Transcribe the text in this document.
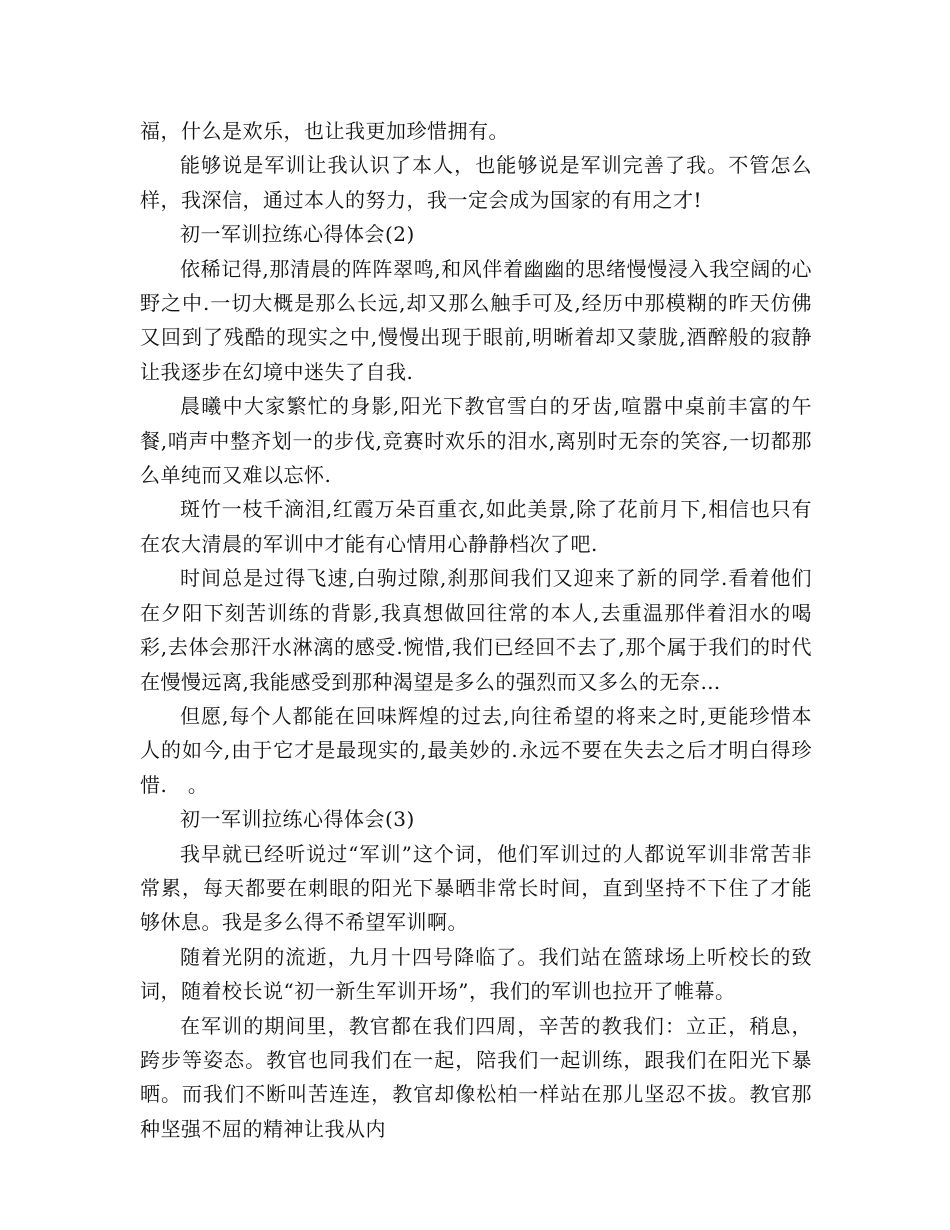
福，什么是欢乐，也让我更加珍惜拥有。

能够说是军训让我认识了本人，也能够说是军训完善了我。不管怎么样，我深信，通过本人的努力，我一定会成为国家的有用之才!

初一军训拉练心得体会(2)

依稀记得,那清晨的阵阵翠鸣,和风伴着幽幽的思绪慢慢浸入我空阔的心野之中.一切大概是那么长远,却又那么触手可及,经历中那模糊的昨天仿佛又回到了残酷的现实之中,慢慢出现于眼前,明晰着却又蒙胧,酒醉般的寂静让我逐步在幻境中迷失了自我.

晨曦中大家繁忙的身影,阳光下教官雪白的牙齿,喧嚣中桌前丰富的午餐,哨声中整齐划一的步伐,竞赛时欢乐的泪水,离别时无奈的笑容,一切都那么单纯而又难以忘怀.

斑竹一枝千滴泪,红霞万朵百重衣,如此美景,除了花前月下,相信也只有在农大清晨的军训中才能有心情用心静静档次了吧.

时间总是过得飞速,白驹过隙,刹那间我们又迎来了新的同学.看着他们在夕阳下刻苦训练的背影,我真想做回往常的本人,去重温那伴着泪水的喝彩,去体会那汗水淋漓的感受.惋惜,我们已经回不去了,那个属于我们的时代在慢慢远离,我能感受到那种渴望是多么的强烈而又多么的无奈…

但愿,每个人都能在回味辉煌的过去,向往希望的将来之时,更能珍惜本人的如今,由于它才是最现实的,最美妙的.永远不要在失去之后才明白得珍惜.　。

初一军训拉练心得体会(3)

我早就已经听说过“军训”这个词，他们军训过的人都说军训非常苦非常累，每天都要在刺眼的阳光下暴晒非常长时间，直到坚持不下住了才能够休息。我是多么得不希望军训啊。

随着光阴的流逝，九月十四号降临了。我们站在篮球场上听校长的致词，随着校长说“初一新生军训开场”，我们的军训也拉开了帷幕。

在军训的期间里，教官都在我们四周，辛苦的教我们：立正，稍息，跨步等姿态。教官也同我们在一起，陪我们一起训练，跟我们在阳光下暴晒。而我们不断叫苦连连，教官却像松柏一样站在那儿坚忍不拔。教官那种坚强不屈的精神让我从内
